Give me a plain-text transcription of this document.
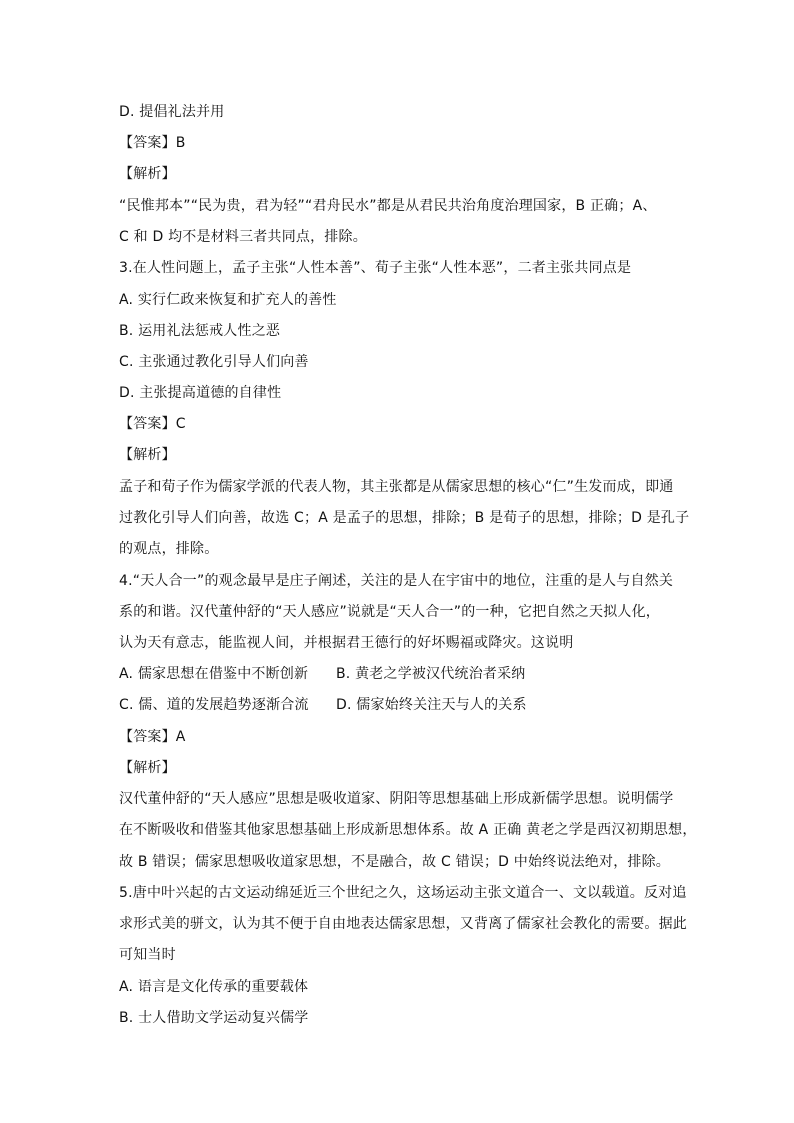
D. 提倡礼法并用
【答案】B
【解析】
“民惟邦本”“民为贵，君为轻”“君舟民水”都是从君民共治角度治理国家，B 正确；A、
C 和 D 均不是材料三者共同点，排除。
3.在人性问题上，孟子主张“人性本善”、荀子主张“人性本恶”，二者主张共同点是
A. 实行仁政来恢复和扩充人的善性
B. 运用礼法惩戒人性之恶
C. 主张通过教化引导人们向善
D. 主张提高道德的自律性
【答案】C
【解析】
孟子和荀子作为儒家学派的代表人物，其主张都是从儒家思想的核心“仁”生发而成，即通
过教化引导人们向善，故选 C；A 是孟子的思想，排除；B 是荀子的思想，排除；D 是孔子
的观点，排除。
4.“天人合一”的观念最早是庄子阐述，关注的是人在宇宙中的地位，注重的是人与自然关
系的和谐。汉代董仲舒的“天人感应”说就是“天人合一”的一种，它把自然之天拟人化，
认为天有意志，能监视人间，并根据君王德行的好坏赐福或降灾。这说明
A. 儒家思想在借鉴中不断创新 B. 黄老之学被汉代统治者采纳
C. 儒、道的发展趋势逐渐合流 D. 儒家始终关注天与人的关系
【答案】A
【解析】
汉代董仲舒的“天人感应”思想是吸收道家、阴阳等思想基础上形成新儒学思想。说明儒学
在不断吸收和借鉴其他家思想基础上形成新思想体系。故 A 正确 黄老之学是西汉初期思想，
故 B 错误；儒家思想吸收道家思想，不是融合，故 C 错误；D 中始终说法绝对，排除。
5.唐中叶兴起的古文运动绵延近三个世纪之久，这场运动主张文道合一、文以载道。反对追
求形式美的骈文，认为其不便于自由地表达儒家思想，又背离了儒家社会教化的需要。据此
可知当时
A. 语言是文化传承的重要载体
B. 士人借助文学运动复兴儒学
